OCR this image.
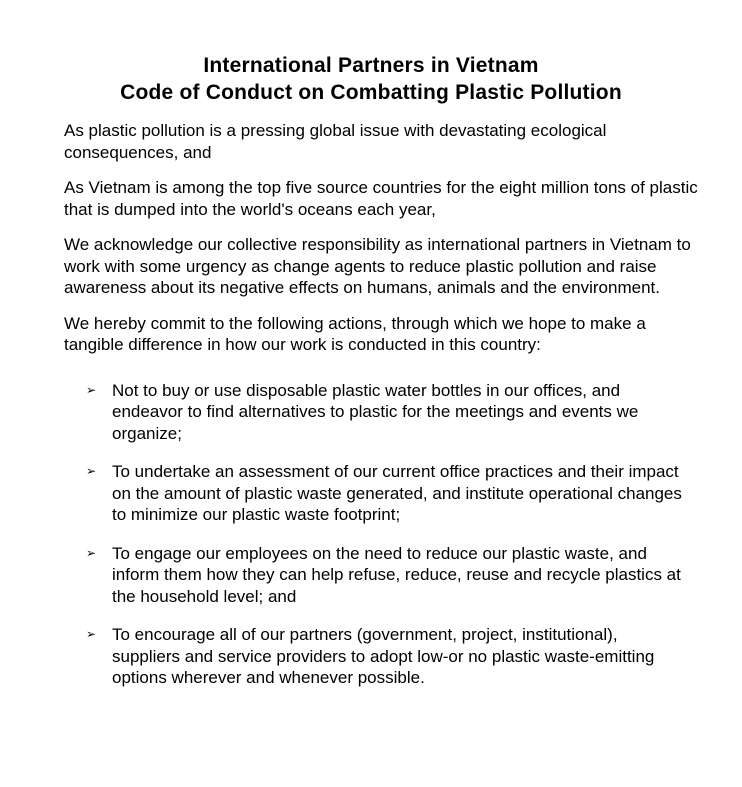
International Partners in Vietnam
Code of Conduct on Combatting Plastic Pollution

As plastic pollution is a pressing global issue with devastating ecological consequences, and

As Vietnam is among the top five source countries for the eight million tons of plastic that is dumped into the world's oceans each year,

We acknowledge our collective responsibility as international partners in Vietnam to work with some urgency as change agents to reduce plastic pollution and raise awareness about its negative effects on humans, animals and the environment.

We hereby commit to the following actions, through which we hope to make a tangible difference in how our work is conducted in this country:

➢ Not to buy or use disposable plastic water bottles in our offices, and endeavor to find alternatives to plastic for the meetings and events we organize;
➢ To undertake an assessment of our current office practices and their impact on the amount of plastic waste generated, and institute operational changes to minimize our plastic waste footprint;
➢ To engage our employees on the need to reduce our plastic waste, and inform them how they can help refuse, reduce, reuse and recycle plastics at the household level; and
➢ To encourage all of our partners (government, project, institutional), suppliers and service providers to adopt low-or no plastic waste-emitting options wherever and whenever possible.
